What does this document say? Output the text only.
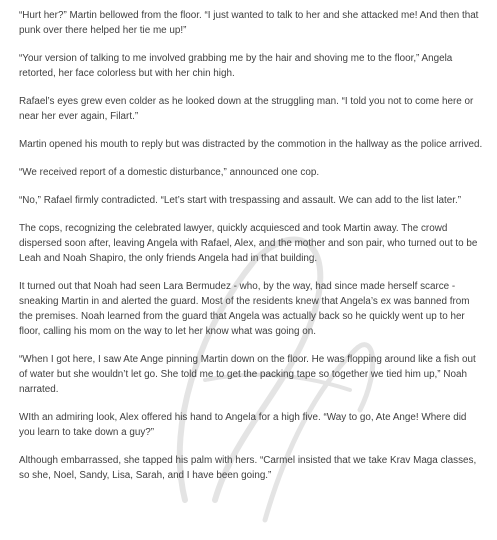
“Hurt her?” Martin bellowed from the floor. “I just wanted to talk to her and she attacked me! And then that punk over there helped her tie me up!”

“Your version of talking to me involved grabbing me by the hair and shoving me to the floor,” Angela retorted, her face colorless but with her chin high.

Rafael’s eyes grew even colder as he looked down at the struggling man. “I told you not to come here or near her ever again, Filart.”

Martin opened his mouth to reply but was distracted by the commotion in the hallway as the police arrived.

“We received report of a domestic disturbance,” announced one cop.

“No,” Rafael firmly contradicted. “Let’s start with trespassing and assault. We can add to the list later.”

The cops, recognizing the celebrated lawyer, quickly acquiesced and took Martin away. The crowd dispersed soon after, leaving Angela with Rafael, Alex, and the mother and son pair, who turned out to be Leah and Noah Shapiro, the only friends Angela had in that building.

It turned out that Noah had seen Lara Bermudez - who, by the way, had since made herself scarce - sneaking Martin in and alerted the guard. Most of the residents knew that Angela’s ex was banned from the premises. Noah learned from the guard that Angela was actually back so he quickly went up to her floor, calling his mom on the way to let her know what was going on.

“When I got here, I saw Ate Ange pinning Martin down on the floor. He was flopping around like a fish out of water but she wouldn’t let go. She told me to get the packing tape so together we tied him up,” Noah narrated.

WIth an admiring look, Alex offered his hand to Angela for a high five. “Way to go, Ate Ange! Where did you learn to take down a guy?”

Although embarrassed, she tapped his palm with hers. “Carmel insisted that we take Krav Maga classes, so she, Noel, Sandy, Lisa, Sarah, and I have been going.”
